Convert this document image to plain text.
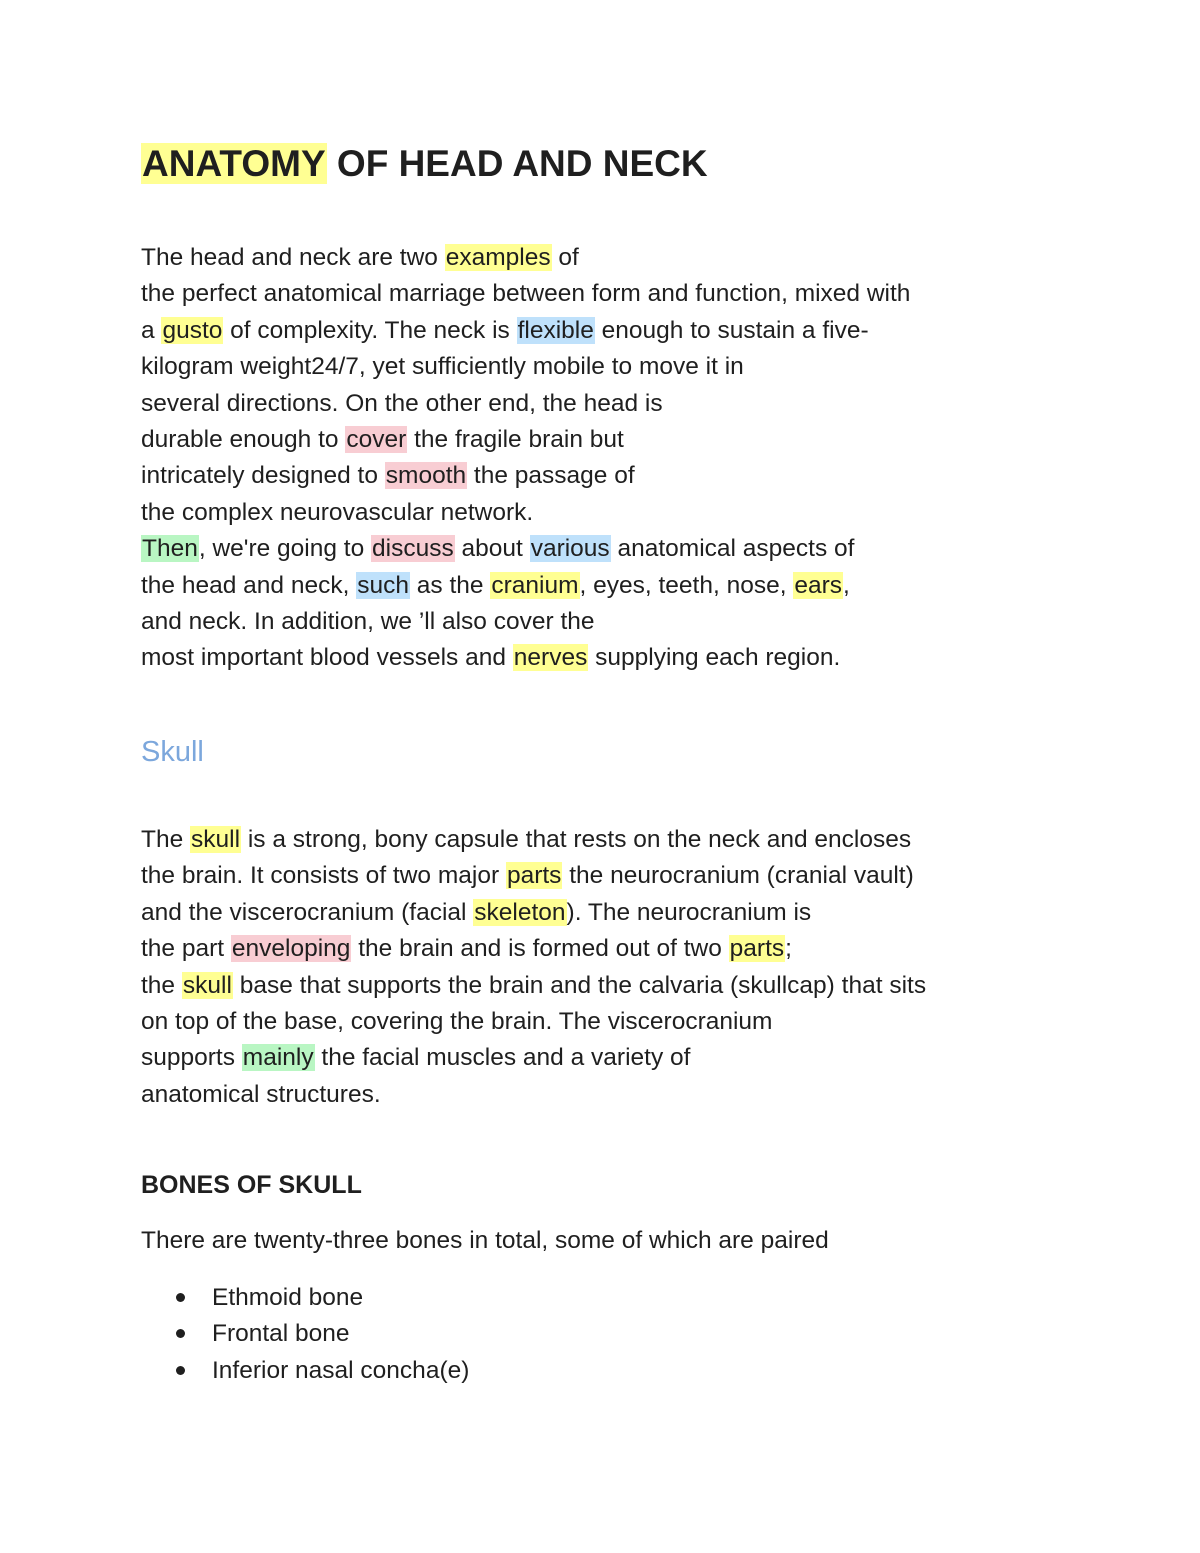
ANATOMY OF HEAD AND NECK

The head and neck are two examples of
the perfect anatomical marriage between form and function, mixed with
a gusto of complexity. The neck is flexible enough to sustain a five-
kilogram weight24/7, yet sufficiently mobile to move it in
several directions. On the other end, the head is
durable enough to cover the fragile brain but
intricately designed to smooth the passage of
the complex neurovascular network.
Then, we're going to discuss about various anatomical aspects of
the head and neck, such as the cranium, eyes, teeth, nose, ears,
and neck. In addition, we ’ll also cover the
most important blood vessels and nerves supplying each region.

Skull

The skull is a strong, bony capsule that rests on the neck and encloses
the brain. It consists of two major parts the neurocranium (cranial vault)
and the viscerocranium (facial skeleton). The neurocranium is
the part enveloping the brain and is formed out of two parts;
the skull base that supports the brain and the calvaria (skullcap) that sits
on top of the base, covering the brain. The viscerocranium
supports mainly the facial muscles and a variety of
anatomical structures.

BONES OF SKULL

There are twenty-three bones in total, some of which are paired

Ethmoid bone
Frontal bone
Inferior nasal concha(e)
